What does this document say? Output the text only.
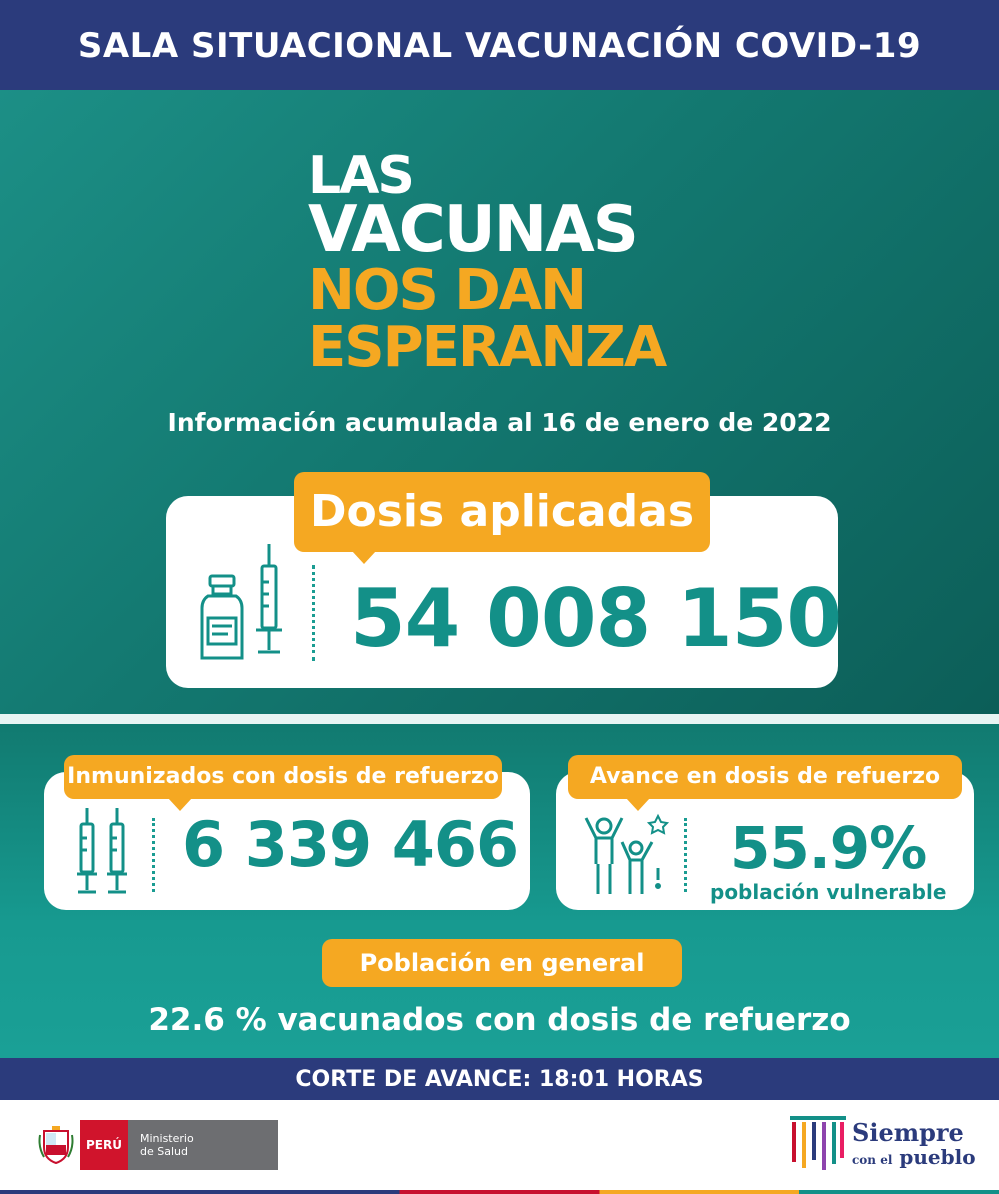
SALA SITUACIONAL VACUNACIÓN COVID-19
LAS
VACUNAS
NOS DAN
ESPERANZA
Información acumulada al 16 de enero de 2022
Dosis aplicadas
54 008 150
Inmunizados con dosis de refuerzo
6 339 466
Avance en dosis de refuerzo
55.9%
población vulnerable
Población en general
22.6 % vacunados con dosis de refuerzo
CORTE DE AVANCE: 18:01 HORAS
PERÚ	Ministerio
de Salud
Siempre
con el pueblo
